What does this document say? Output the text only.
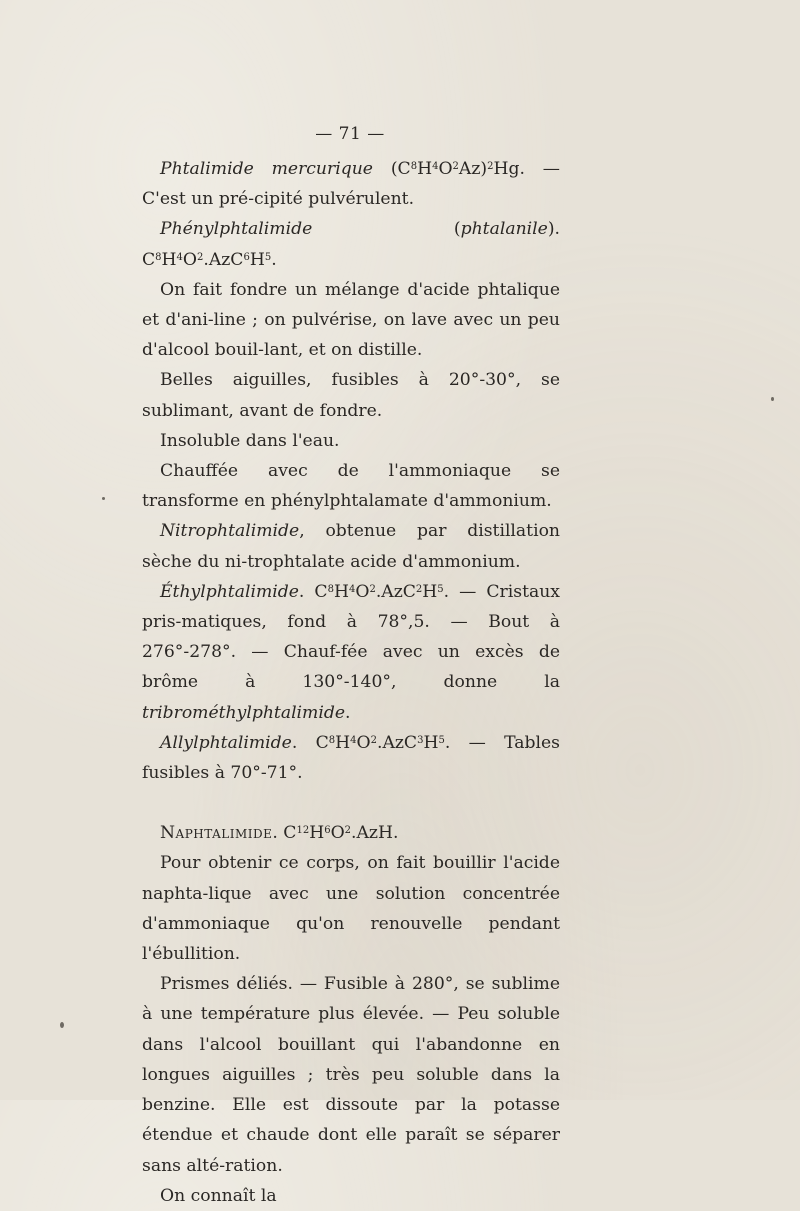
— 71 —

Phtalimide mercurique $(C^8H^4O^2Az)^2Hg$. — C'est un pré-cipité pulvérulent.

Phénylphtalimide (phtalanile). $C^8H^4O^2.AzC^6H^5$.

On fait fondre un mélange d'acide phtalique et d'ani-line ; on pulvérise, on lave avec un peu d'alcool bouil-lant, et on distille.

Belles aiguilles, fusibles à 20°-30°, se sublimant, avant de fondre.

Insoluble dans l'eau.

Chauffée avec de l'ammoniaque se transforme en phénylphtalamate d'ammonium.

Nitrophtalimide, obtenue par distillation sèche du ni-trophtalate acide d'ammonium.

Éthylphtalimide. $C^8H^4O^2.AzC^2H^5$. — Cristaux pris-matiques, fond à 78°,5. — Bout à 276°-278°. — Chauf-fée avec un excès de brôme à 130°-140°, donne la tribrométhylphtalimide.

Allylphtalimide. $C^8H^4O^2.AzC^3H^5$. — Tables fusibles à 70°-71°.

Naphtalimide. $C^{12}H^6O^2.AzH$.

Pour obtenir ce corps, on fait bouillir l'acide naphta-lique avec une solution concentrée d'ammoniaque qu'on renouvelle pendant l'ébullition.

Prismes déliés. — Fusible à 280°, se sublime à une température plus élevée. — Peu soluble dans l'alcool bouillant qui l'abandonne en longues aiguilles ; très peu soluble dans la benzine. Elle est dissoute par la potasse étendue et chaude dont elle paraît se séparer sans alté-ration.

On connaît la
